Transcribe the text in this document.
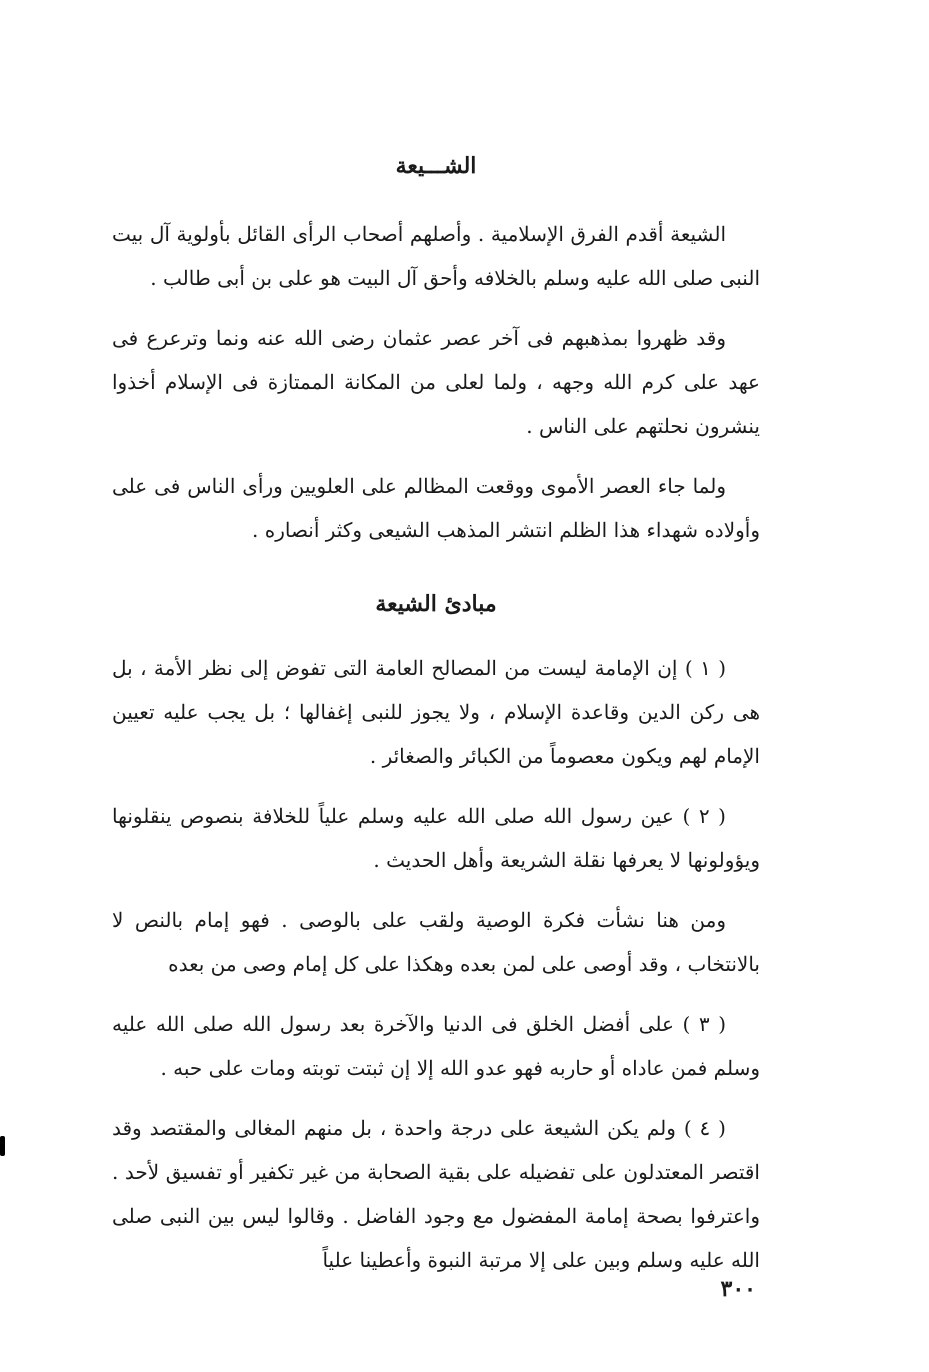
الشـــيعة

الشيعة أقدم الفرق الإسلامية . وأصلهم أصحاب الرأى القائل بأولوية آل بيت النبى صلى الله عليه وسلم بالخلافه وأحق آل البيت هو على بن أبى طالب .

وقد ظهروا بمذهبهم فى آخر عصر عثمان رضى الله عنه ونما وترعرع فى عهد على كرم الله وجهه ، ولما لعلى من المكانة الممتازة فى الإسلام أخذوا ينشرون نحلتهم على الناس .

ولما جاء العصر الأموى ووقعت المظالم على العلويين ورأى الناس فى على وأولاده شهداء هذا الظلم انتشر المذهب الشيعى وكثر أنصاره .

مبادئ الشيعة

( ١ ) إن الإمامة ليست من المصالح العامة التى تفوض إلى نظر الأمة ، بل هى ركن الدين وقاعدة الإسلام ، ولا يجوز للنبى إغفالها ؛ بل يجب عليه تعيين الإمام لهم ويكون معصوماً من الكبائر والصغائر .

( ٢ ) عين رسول الله صلى الله عليه وسلم علياً للخلافة بنصوص ينقلونها ويؤولونها لا يعرفها نقلة الشريعة وأهل الحديث .

ومن هنا نشأت فكرة الوصية ولقب على بالوصى . فهو إمام بالنص لا بالانتخاب ، وقد أوصى على لمن بعده وهكذا على كل إمام وصى من بعده

( ٣ ) على أفضل الخلق فى الدنيا والآخرة بعد رسول الله صلى الله عليه وسلم فمن عاداه أو حاربه فهو عدو الله إلا إن ثبتت توبته ومات على حبه .

( ٤ ) ولم يكن الشيعة على درجة واحدة ، بل منهم المغالى والمقتصد وقد اقتصر المعتدلون على تفضيله على بقية الصحابة من غير تكفير أو تفسيق لأحد . واعترفوا بصحة إمامة المفضول مع وجود الفاضل . وقالوا ليس بين النبى صلى الله عليه وسلم وبين على إلا مرتبة النبوة وأعطينا علياً

٣٠٠
